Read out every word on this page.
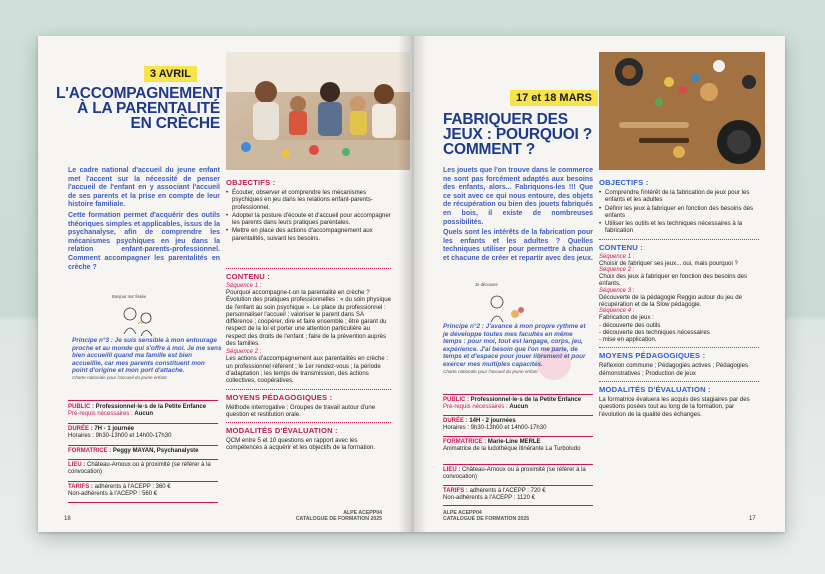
3 AVRIL
L'ACCOMPAGNEMENT
À LA PARENTALITÉ
EN CRÈCHE

Le cadre national d'accueil du jeune enfant met l'accent sur la nécessité de penser l'accueil de l'enfant en y associant l'accueil de ses parents et la prise en compte de leur histoire familiale.

Cette formation permet d'acquérir des outils théoriques simples et applicables, issus de la psychanalyse, afin de comprendre les mécanismes psychiques en jeu dans la relation enfant-parents-professionnel. Comment accompagner les parentalités en crèche ?

OBJECTIFS :
• Écouter, observer et comprendre les mécanismes psychiques en jeu dans les relations enfant-parents-professionnel.
• Adopter la posture d'écoute et d'accueil pour accompagner les parents dans leurs pratiques parentales.
• Mettre en place des actions d'accompagnement aux parentalités, suivant les besoins.
CONTENU :
Séquence 1 :
Pourquoi accompagne-t-on la parentalité en crèche ? Évolution des pratiques professionnelles : « du soin physique de l'enfant au soin psychique ». Le place du professionnel : personnaliser l'accueil ; valoriser le parent dans SA différence ; coopérer, dire et faire ensemble ; être garant du respect de la loi et porter une attention particulière au respect des droits de l'enfant ; faire de la prévention auprès des familles.
Séquence 2 :
Les actions d'accompagnement aux parentalités en crèche : un professionnel référent ; le 1er rendez-vous ; la période d'adaptation ; les temps de transmission, des actions collectives, coopératives.
MOYENS PÉDAGOGIQUES :
Méthode interrogative ; Groupes de travail autour d'une question et restitution orale.
MODALITÉS D'ÉVALUATION :
QCM entre 5 et 10 questions en rapport avec les compétences à acquérir et les objectifs de la formation.
Bonjour ma' fissée
Principe n°3 : Je suis sensible à mon entourage proche et au monde qui s'offre à moi. Je me sens bien accueilli quand ma famille est bien accueillie, car mes parents constituent mon point d'origine et mon port d'attache.
Charte nationale pour l'accueil du jeune enfant
PUBLIC : Professionnel·le·s de la Petite Enfance
Pré-requis nécessaires : Aucun
DURÉE : 7H - 1 journée
Horaires : 9h30-13h00 et 14h00-17h30
FORMATRICE : Peggy MAYAN, Psychanalyste
LIEU : Château-Arnoux ou à proximité (se référer à la convocation)
TARIFS : adhérents à l'ACEPP : 360 €
Non-adhérents à l'ACEPP : 560 €
18
ALPE ACEPP04
CATALOGUE DE FORMATION 2025
17 et 18 MARS
FABRIQUER DES
JEUX : POURQUOI ?
COMMENT ?

Les jouets que l'on trouve dans le commerce ne sont pas forcément adaptés aux besoins des enfants, alors... Fabriquons-les !!! Que ce soit avec ce qui nous entoure, des objets de récupération ou bien des jouets fabriqués en bois, il existe de nombreuses possibilités.

Quels sont les intérêts de la fabrication pour les enfants et les adultes ? Quelles techniques utiliser pour permettre à chacun et chacune de créer et repartir avec des jeux.

OBJECTIFS :
• Comprendre l'intérêt de la fabrication de jeux pour les enfants et les adultes
• Définir les jeux à fabriquer en fonction des besoins des enfants
• Utiliser les outils et les techniques nécessaires à la fabrication
CONTENU :
Séquence 1 :
Choisir de fabriquer ses jeux... oui, mais pourquoi ?
Séquence 2 :
Choix des jeux à fabriquer en fonction des besoins des enfants.
Séquence 3 :
Découverte de la pédagogie Reggio autour du jeu de récupération et de la Slow pédagogie.
Séquence 4 :
Fabrication de jeux :
- découverte des outils
- découverte des techniques nécessaires
- mise en application.
MOYENS PÉDAGOGIQUES :
Réflexion commune ; Pédagogies actives ; Pédagogies démonstratives ; Production de jeux
MODALITÉS D'ÉVALUATION :
La formatrice évaluera les acquis des stagiaires par des questions posées tout au long de la formation, par l'évolution de la qualité des échanges.
Je découvre
Principe n°2 : J'avance à mon propre rythme et je développe toutes mes facultés en même temps : pour moi, tout est langage, corps, jeu, expérience. J'ai besoin que l'on me parle, de temps et d'espace pour jouer librement et pour exercer mes multiples capacités.
Charte nationale pour l'accueil du jeune enfant
PUBLIC : Professionnel·le·s de la Petite Enfance
Pré-requis nécessaires : Aucun
DURÉE : 14H - 2 journées
Horaires : 9h30-13h00 et 14h00-17h30
FORMATRICE : Marie-Line MERLE
Animatrice de la ludothèque itinérante La Turboludo
LIEU : Château-Arnoux ou à proximité (se référer à la convocation)
TARIFS : adhérents à l'ACEPP : 720 €
Non-adhérents à l'ACEPP : 1120 €
ALPE ACEPP04
CATALOGUE DE FORMATION 2025	17
